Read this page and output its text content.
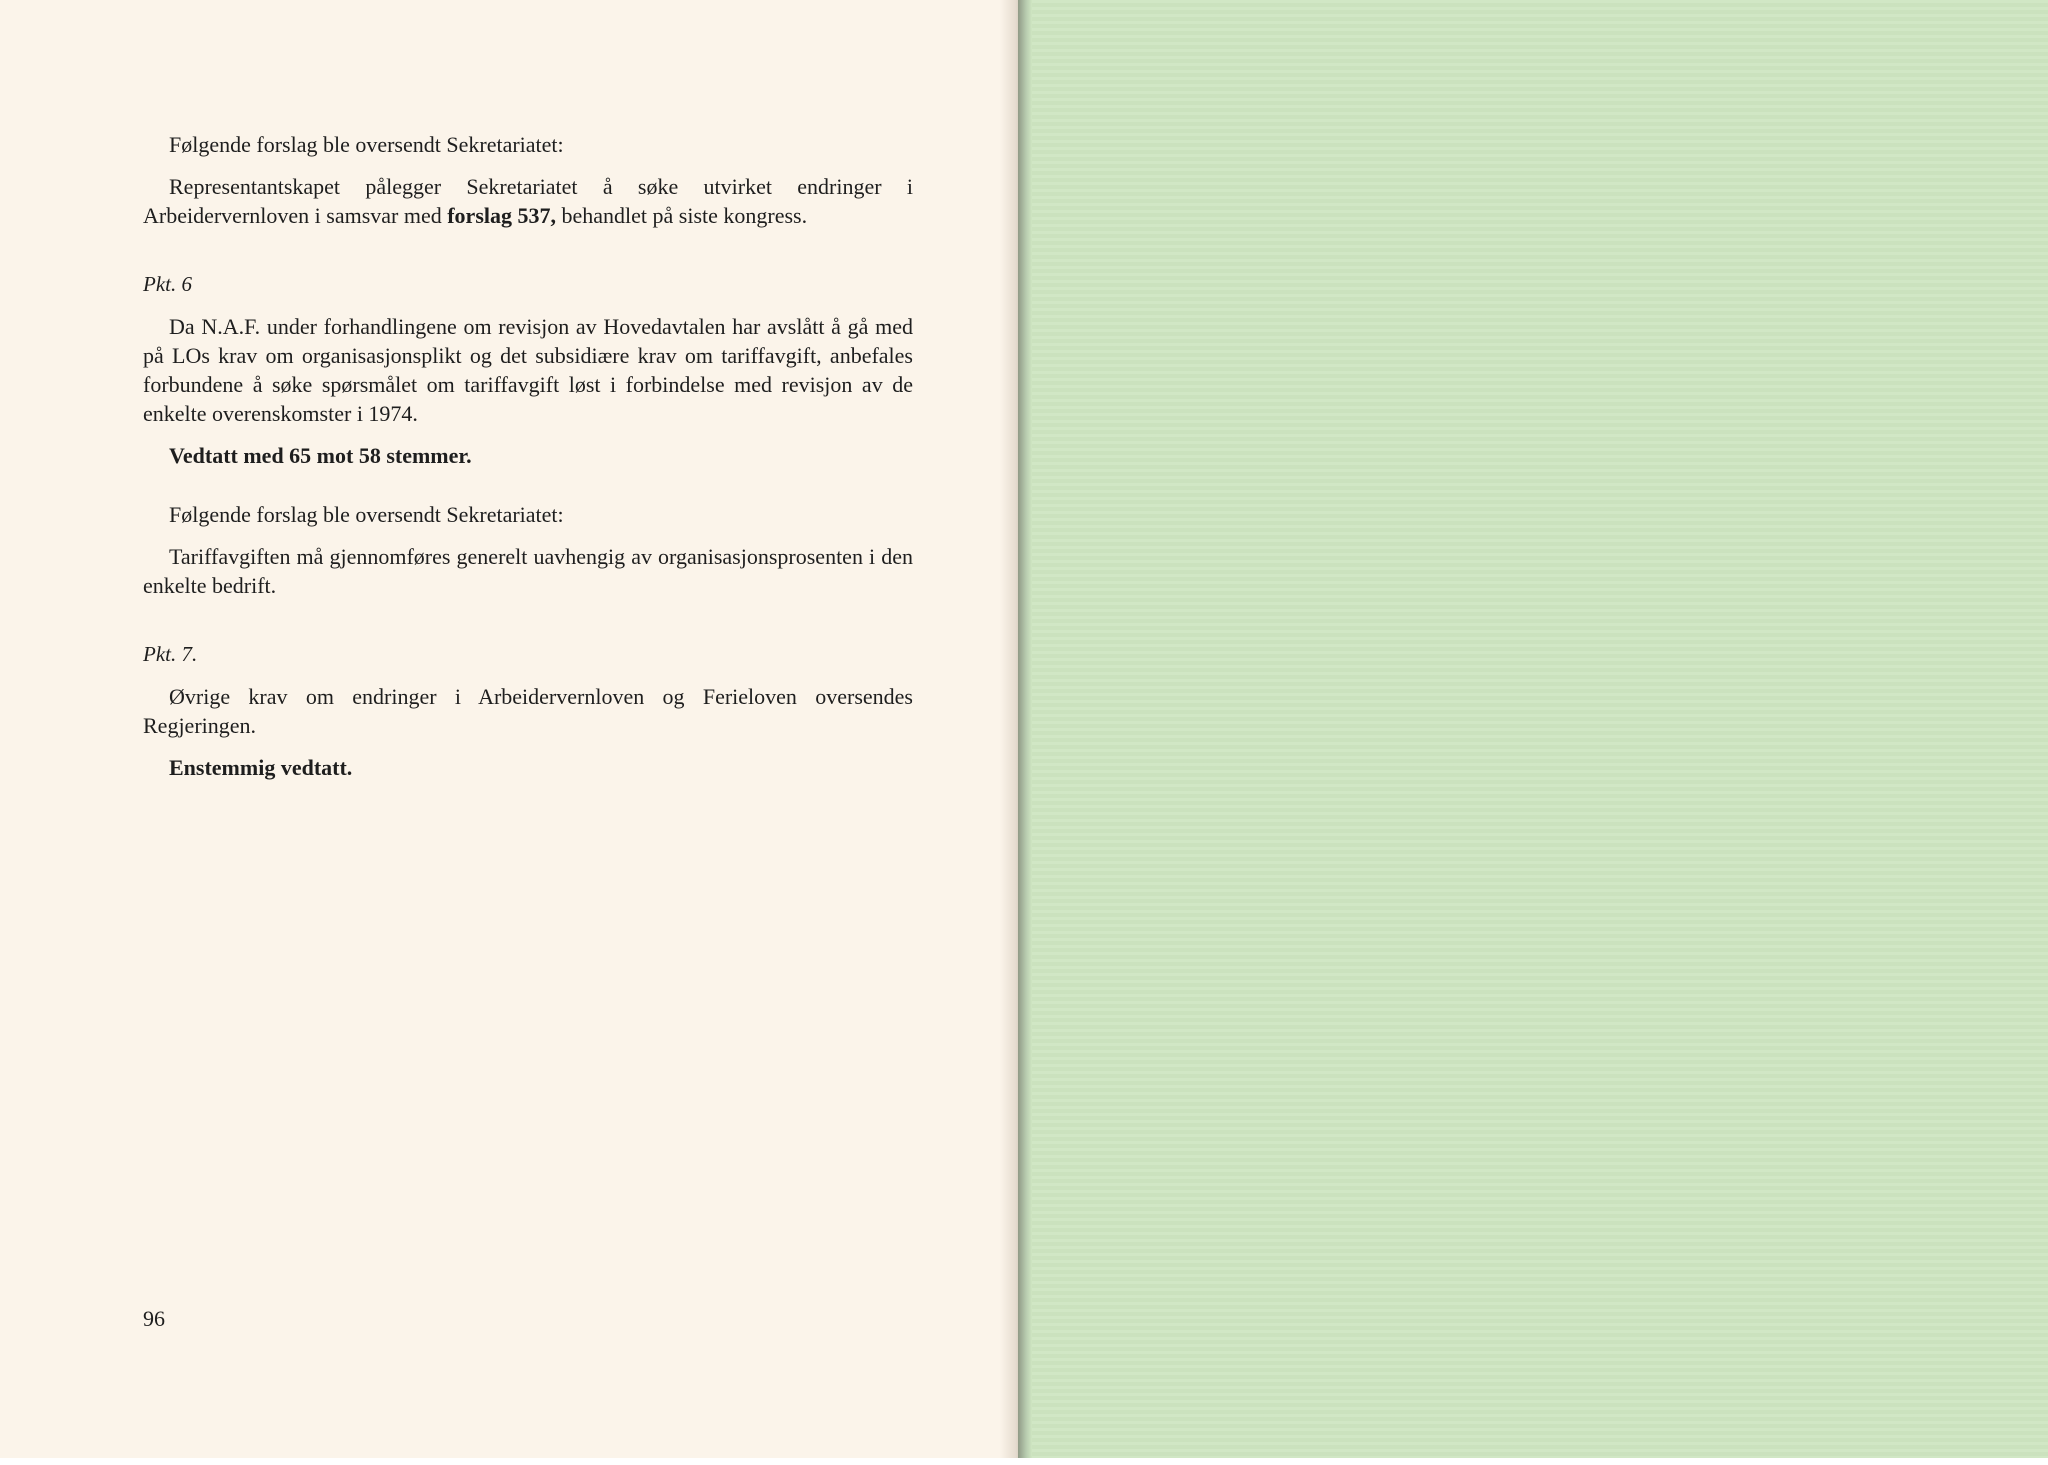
Følgende forslag ble oversendt Sekretariatet:

Representantskapet pålegger Sekretariatet å søke utvirket endringer i Arbeidervernloven i samsvar med forslag 537, behandlet på siste kongress.

Pkt. 6

Da N.A.F. under forhandlingene om revisjon av Hovedavtalen har avslått å gå med på LOs krav om organisasjonsplikt og det subsidiære krav om tariffavgift, anbefales forbundene å søke spørsmålet om tariffavgift løst i forbindelse med revisjon av de enkelte overenskomster i 1974.

Vedtatt med 65 mot 58 stemmer.

Følgende forslag ble oversendt Sekretariatet:

Tariffavgiften må gjennomføres generelt uavhengig av organisasjonsprosenten i den enkelte bedrift.

Pkt. 7.

Øvrige krav om endringer i Arbeidervernloven og Ferieloven oversendes Regjeringen.

Enstemmig vedtatt.

96
